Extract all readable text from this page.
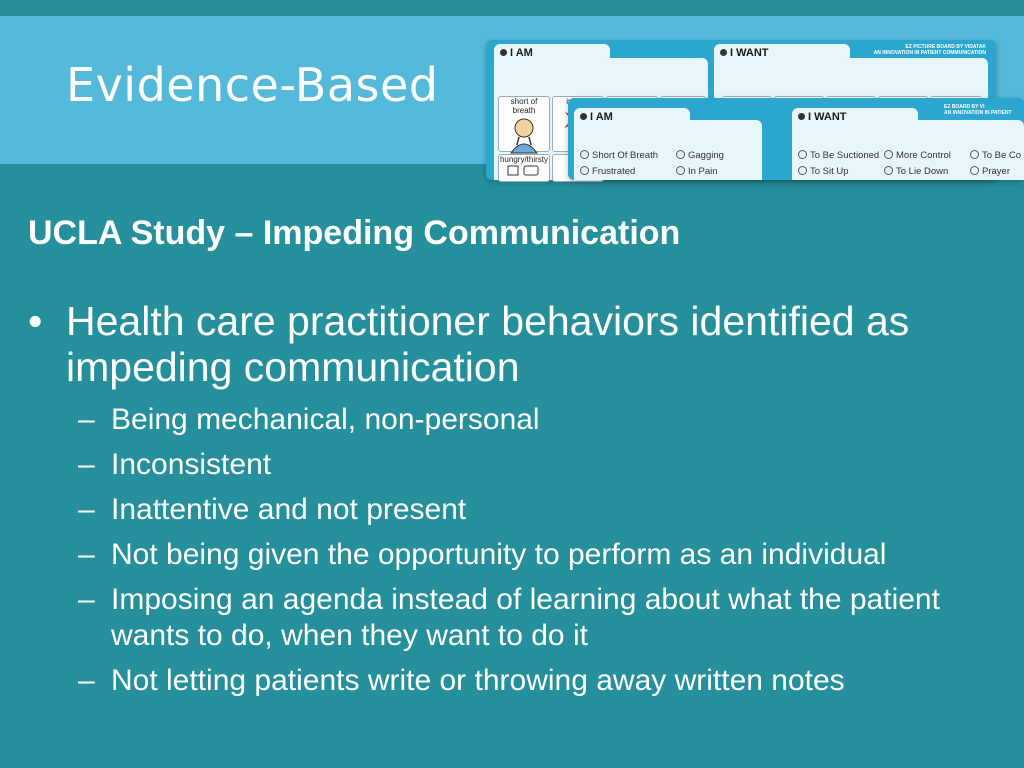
Evidence-Based
I AM	I WANT	EZ PICTURE BOARD BY VIDATAK
AN INNOVATION IN PATIENT COMMUNICATION
short of breath
hungry/thirsty
I AM	I WANT
EZ BOARD BY VI
AN INNOVATION IN PATIENT
Short Of Breath	Gagging
Frustrated	In Pain
To Be Suctioned	More Control	To Be Co
To Sit Up	To Lie Down	Prayer
UCLA Study – Impeding Communication
• Health care practitioner behaviors identified as impeding communication
– Being mechanical, non-personal
– Inconsistent
– Inattentive and not present
– Not being given the opportunity to perform as an individual
– Imposing an agenda instead of learning about what the patient wants to do, when they want to do it
– Not letting patients write or throwing away written notes
